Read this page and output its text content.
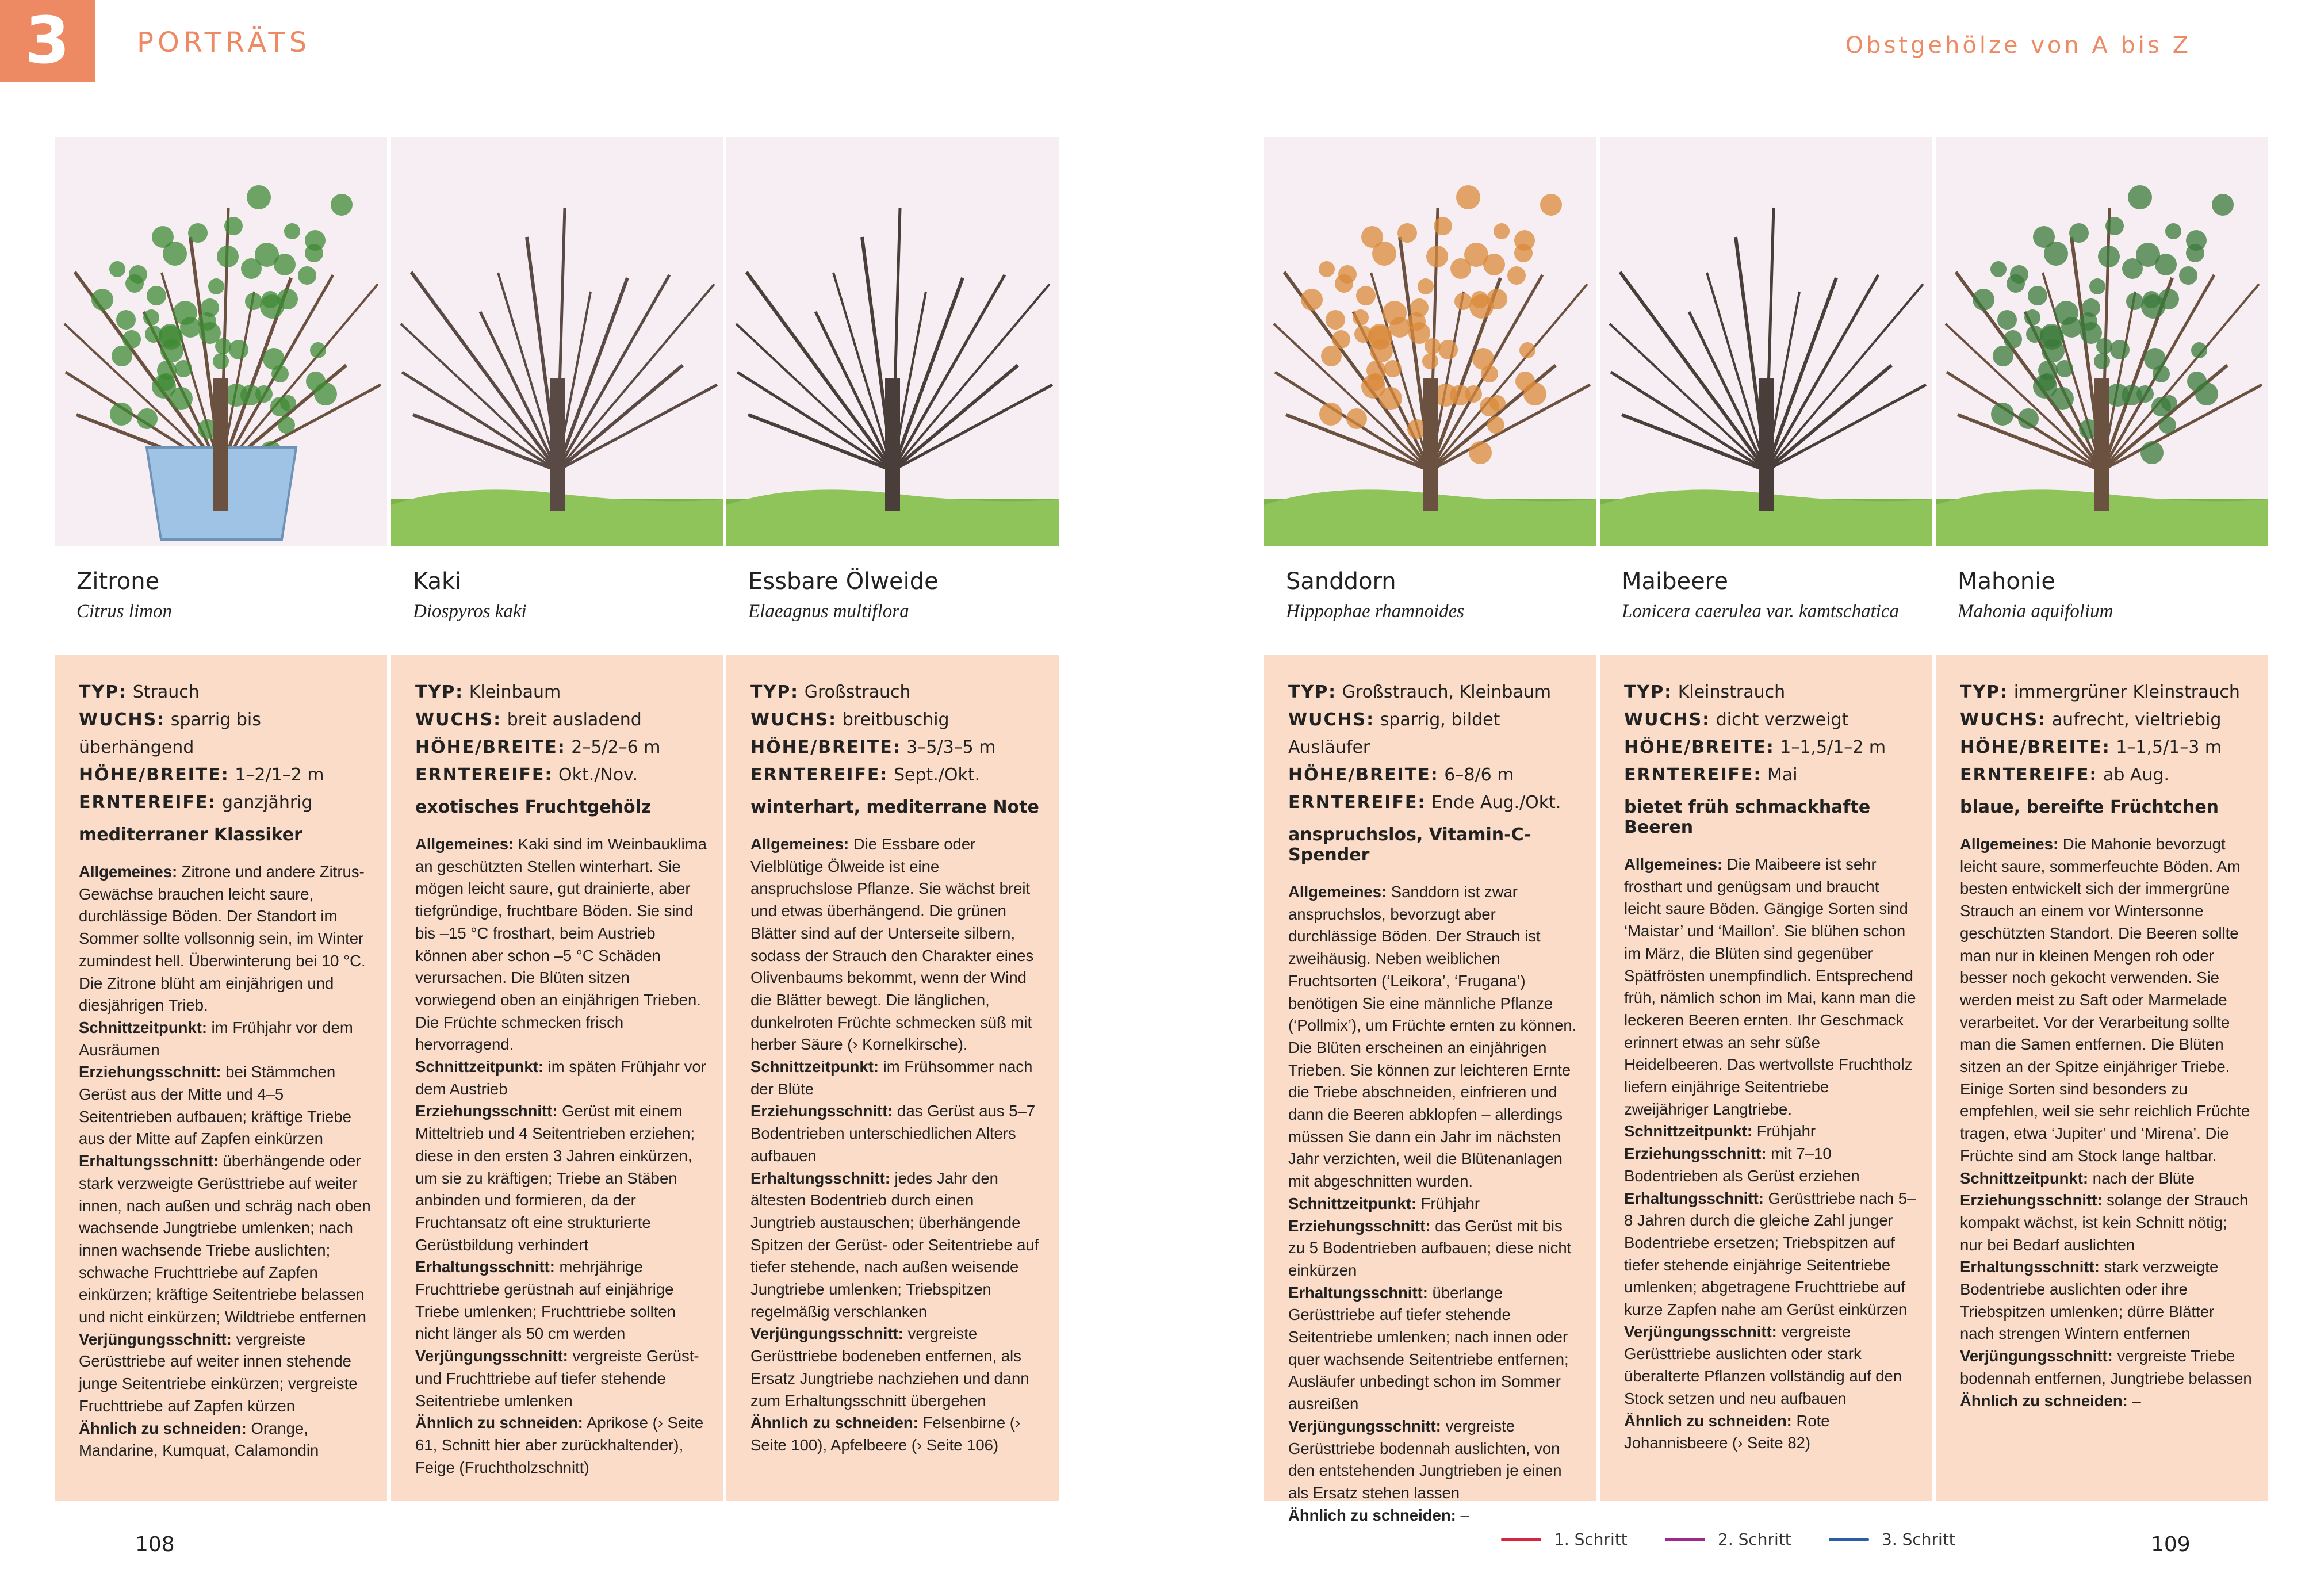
3	PORTRÄTS	Obstgehölze von A bis Z
Zitrone
Citrus limon
TYP: Strauch
WUCHS: sparrig bis überhängend
HÖHE/BREITE: 1–2/1–2 m
ERNTEREIFE: ganzjährig
mediterraner Klassiker
Allgemeines: Zitrone und andere Zitrus-Gewächse brauchen leicht saure, durchlässige Böden. Der Standort im Sommer sollte vollsonnig sein, im Winter zumindest hell. Überwinterung bei 10 °C. Die Zitrone blüht am einjährigen und diesjährigen Trieb.
Schnittzeitpunkt: im Frühjahr vor dem Ausräumen
Erziehungsschnitt: bei Stämmchen Gerüst aus der Mitte und 4–5 Seitentrieben aufbauen; kräftige Triebe aus der Mitte auf Zapfen einkürzen
Erhaltungsschnitt: überhängende oder stark verzweigte Gerüsttriebe auf weiter innen, nach außen und schräg nach oben wachsende Jungtriebe umlenken; nach innen wachsende Triebe auslichten; schwache Fruchttriebe auf Zapfen einkürzen; kräftige Seitentriebe belassen und nicht einkürzen; Wildtriebe entfernen
Verjüngungsschnitt: vergreiste Gerüsttriebe auf weiter innen stehende junge Seitentriebe einkürzen; vergreiste Fruchttriebe auf Zapfen kürzen
Ähnlich zu schneiden: Orange, Mandarine, Kumquat, Calamondin
Kaki
Diospyros kaki
TYP: Kleinbaum
WUCHS: breit ausladend
HÖHE/BREITE: 2–5/2–6 m
ERNTEREIFE: Okt./Nov.
exotisches Fruchtgehölz
Allgemeines: Kaki sind im Weinbauklima an geschützten Stellen winterhart. Sie mögen leicht saure, gut drainierte, aber tiefgründige, fruchtbare Böden. Sie sind bis –15 °C frosthart, beim Austrieb können aber schon –5 °C Schäden verursachen. Die Blüten sitzen vorwiegend oben an einjährigen Trieben. Die Früchte schmecken frisch hervorragend.
Schnittzeitpunkt: im späten Frühjahr vor dem Austrieb
Erziehungsschnitt: Gerüst mit einem Mitteltrieb und 4 Seitentrieben erziehen; diese in den ersten 3 Jahren einkürzen, um sie zu kräftigen; Triebe an Stäben anbinden und formieren, da der Fruchtansatz oft eine strukturierte Gerüstbildung verhindert
Erhaltungsschnitt: mehrjährige Fruchttriebe gerüstnah auf einjährige Triebe umlenken; Fruchttriebe sollten nicht länger als 50 cm werden
Verjüngungsschnitt: vergreiste Gerüst- und Fruchttriebe auf tiefer stehende Seitentriebe umlenken
Ähnlich zu schneiden: Aprikose (› Seite 61, Schnitt hier aber zurückhaltender), Feige (Fruchtholzschnitt)
Essbare Ölweide
Elaeagnus multiflora
TYP: Großstrauch
WUCHS: breitbuschig
HÖHE/BREITE: 3–5/3–5 m
ERNTEREIFE: Sept./Okt.
winterhart, mediterrane Note
Allgemeines: Die Essbare oder Vielblütige Ölweide ist eine anspruchslose Pflanze. Sie wächst breit und etwas überhängend. Die grünen Blätter sind auf der Unterseite silbern, sodass der Strauch den Charakter eines Olivenbaums bekommt, wenn der Wind die Blätter bewegt. Die länglichen, dunkelroten Früchte schmecken süß mit herber Säure (› Kornelkirsche).
Schnittzeitpunkt: im Frühsommer nach der Blüte
Erziehungsschnitt: das Gerüst aus 5–7 Bodentrieben unterschiedlichen Alters aufbauen
Erhaltungsschnitt: jedes Jahr den ältesten Bodentrieb durch einen Jungtrieb austauschen; überhängende Spitzen der Gerüst- oder Seitentriebe auf tiefer stehende, nach außen weisende Jungtriebe umlenken; Triebspitzen regelmäßig verschlanken
Verjüngungsschnitt: vergreiste Gerüsttriebe bodeneben entfernen, als Ersatz Jungtriebe nachziehen und dann zum Erhaltungsschnitt übergehen
Ähnlich zu schneiden: Felsenbirne (› Seite 100), Apfelbeere (› Seite 106)
Sanddorn
Hippophae rhamnoides
TYP: Großstrauch, Kleinbaum
WUCHS: sparrig, bildet Ausläufer
HÖHE/BREITE: 6–8/6 m
ERNTEREIFE: Ende Aug./Okt.
anspruchslos, Vitamin-C-Spender
Allgemeines: Sanddorn ist zwar anspruchslos, bevorzugt aber durchlässige Böden. Der Strauch ist zweihäusig. Neben weiblichen Fruchtsorten (‘Leikora’, ‘Frugana’) benötigen Sie eine männliche Pflanze (‘Pollmix’), um Früchte ernten zu können. Die Blüten erscheinen an einjährigen Trieben. Sie können zur leichteren Ernte die Triebe abschneiden, einfrieren und dann die Beeren abklopfen – allerdings müssen Sie dann ein Jahr im nächsten Jahr verzichten, weil die Blütenanlagen mit abgeschnitten wurden.
Schnittzeitpunkt: Frühjahr
Erziehungsschnitt: das Gerüst mit bis zu 5 Bodentrieben aufbauen; diese nicht einkürzen
Erhaltungsschnitt: überlange Gerüsttriebe auf tiefer stehende Seitentriebe umlenken; nach innen oder quer wachsende Seitentriebe entfernen; Ausläufer unbedingt schon im Sommer ausreißen
Verjüngungsschnitt: vergreiste Gerüsttriebe bodennah auslichten, von den entstehenden Jungtrieben je einen als Ersatz stehen lassen
Ähnlich zu schneiden: –
Maibeere
Lonicera caerulea var. kamtschatica
TYP: Kleinstrauch
WUCHS: dicht verzweigt
HÖHE/BREITE: 1–1,5/1–2 m
ERNTEREIFE: Mai
bietet früh schmackhafte Beeren
Allgemeines: Die Maibeere ist sehr frosthart und genügsam und braucht leicht saure Böden. Gängige Sorten sind ‘Maistar’ und ‘Maillon’. Sie blühen schon im März, die Blüten sind gegenüber Spätfrösten unempfindlich. Entsprechend früh, nämlich schon im Mai, kann man die leckeren Beeren ernten. Ihr Geschmack erinnert etwas an sehr süße Heidelbeeren. Das wertvollste Fruchtholz liefern einjährige Seitentriebe zweijähriger Langtriebe.
Schnittzeitpunkt: Frühjahr
Erziehungsschnitt: mit 7–10 Bodentrieben als Gerüst erziehen
Erhaltungsschnitt: Gerüsttriebe nach 5–8 Jahren durch die gleiche Zahl junger Bodentriebe ersetzen; Triebspitzen auf tiefer stehende einjährige Seitentriebe umlenken; abgetragene Fruchttriebe auf kurze Zapfen nahe am Gerüst einkürzen
Verjüngungsschnitt: vergreiste Gerüsttriebe auslichten oder stark überalterte Pflanzen vollständig auf den Stock setzen und neu aufbauen
Ähnlich zu schneiden: Rote Johannisbeere (› Seite 82)
Mahonie
Mahonia aquifolium
TYP: immergrüner Kleinstrauch
WUCHS: aufrecht, vieltriebig
HÖHE/BREITE: 1–1,5/1–3 m
ERNTEREIFE: ab Aug.
blaue, bereifte Früchtchen
Allgemeines: Die Mahonie bevorzugt leicht saure, sommerfeuchte Böden. Am besten entwickelt sich der immergrüne Strauch an einem vor Wintersonne geschützten Standort. Die Beeren sollte man nur in kleinen Mengen roh oder besser noch gekocht verwenden. Sie werden meist zu Saft oder Marmelade verarbeitet. Vor der Verarbeitung sollte man die Samen entfernen. Die Blüten sitzen an der Spitze einjähriger Triebe. Einige Sorten sind besonders zu empfehlen, weil sie sehr reichlich Früchte tragen, etwa ‘Jupiter’ und ‘Mirena’. Die Früchte sind am Stock lange haltbar.
Schnittzeitpunkt: nach der Blüte
Erziehungsschnitt: solange der Strauch kompakt wächst, ist kein Schnitt nötig; nur bei Bedarf auslichten
Erhaltungsschnitt: stark verzweigte Bodentriebe auslichten oder ihre Triebspitzen umlenken; dürre Blätter nach strengen Wintern entfernen
Verjüngungsschnitt: vergreiste Triebe bodennah entfernen, Jungtriebe belassen
Ähnlich zu schneiden: –
108	109
1. Schritt	2. Schritt	3. Schritt
